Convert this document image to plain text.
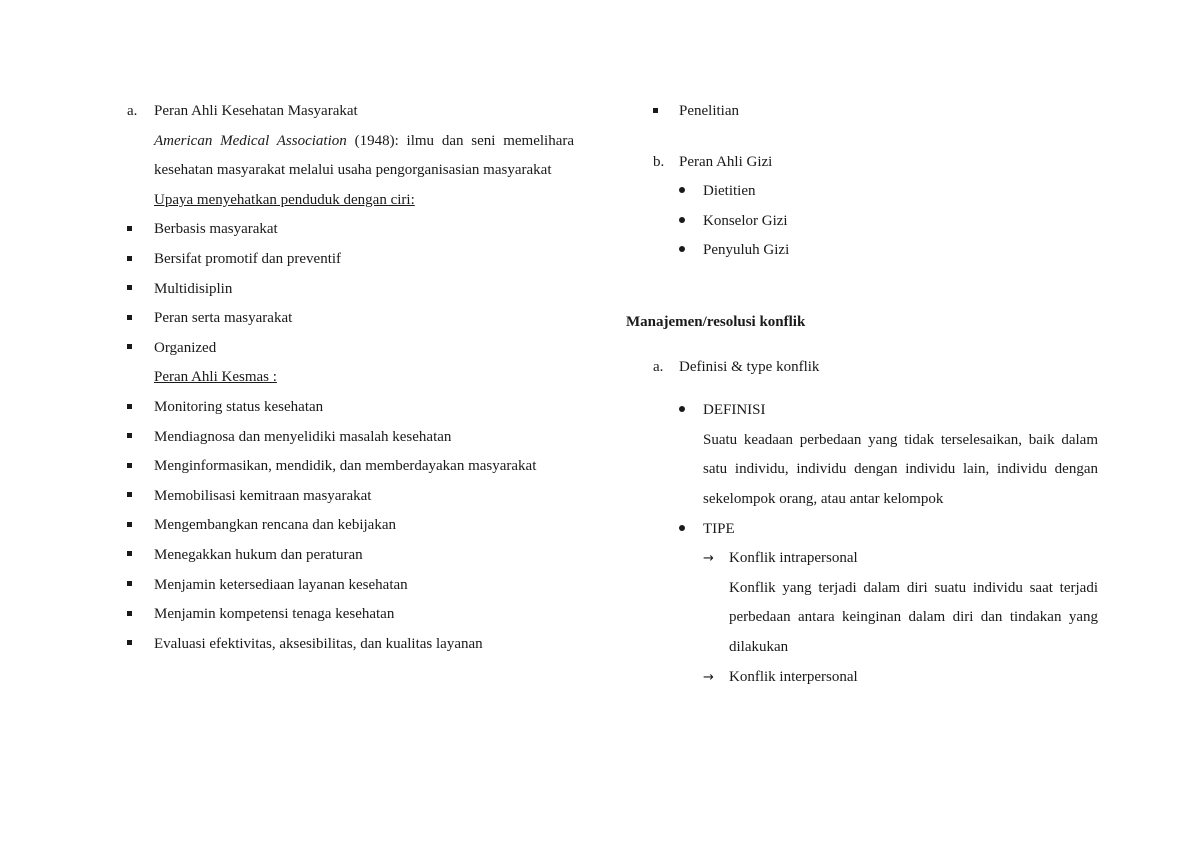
a. Peran Ahli Kesehatan Masyarakat
American Medical Association (1948): ilmu dan seni memelihara kesehatan masyarakat melalui usaha pengorganisasian masyarakat
Upaya menyehatkan penduduk dengan ciri:
Berbasis masyarakat
Bersifat promotif dan preventif
Multidisiplin
Peran serta masyarakat
Organized
Peran Ahli Kesmas :
Monitoring status kesehatan
Mendiagnosa dan menyelidiki masalah kesehatan
Menginformasikan, mendidik, dan memberdayakan masyarakat
Memobilisasi kemitraan masyarakat
Mengembangkan rencana dan kebijakan
Menegakkan hukum dan peraturan
Menjamin ketersediaan layanan kesehatan
Menjamin kompetensi tenaga kesehatan
Evaluasi efektivitas, aksesibilitas, dan kualitas layanan
Penelitian
b. Peran Ahli Gizi
Dietitien
Konselor Gizi
Penyuluh Gizi
Manajemen/resolusi konflik
a. Definisi & type konflik
DEFINISI
Suatu keadaan perbedaan yang tidak terselesaikan, baik dalam satu individu, individu dengan individu lain, individu dengan sekelompok orang, atau antar kelompok
TIPE
→ Konflik intrapersonal
Konflik yang terjadi dalam diri suatu individu saat terjadi perbedaan antara keinginan dalam diri dan tindakan yang dilakukan
→ Konflik interpersonal
